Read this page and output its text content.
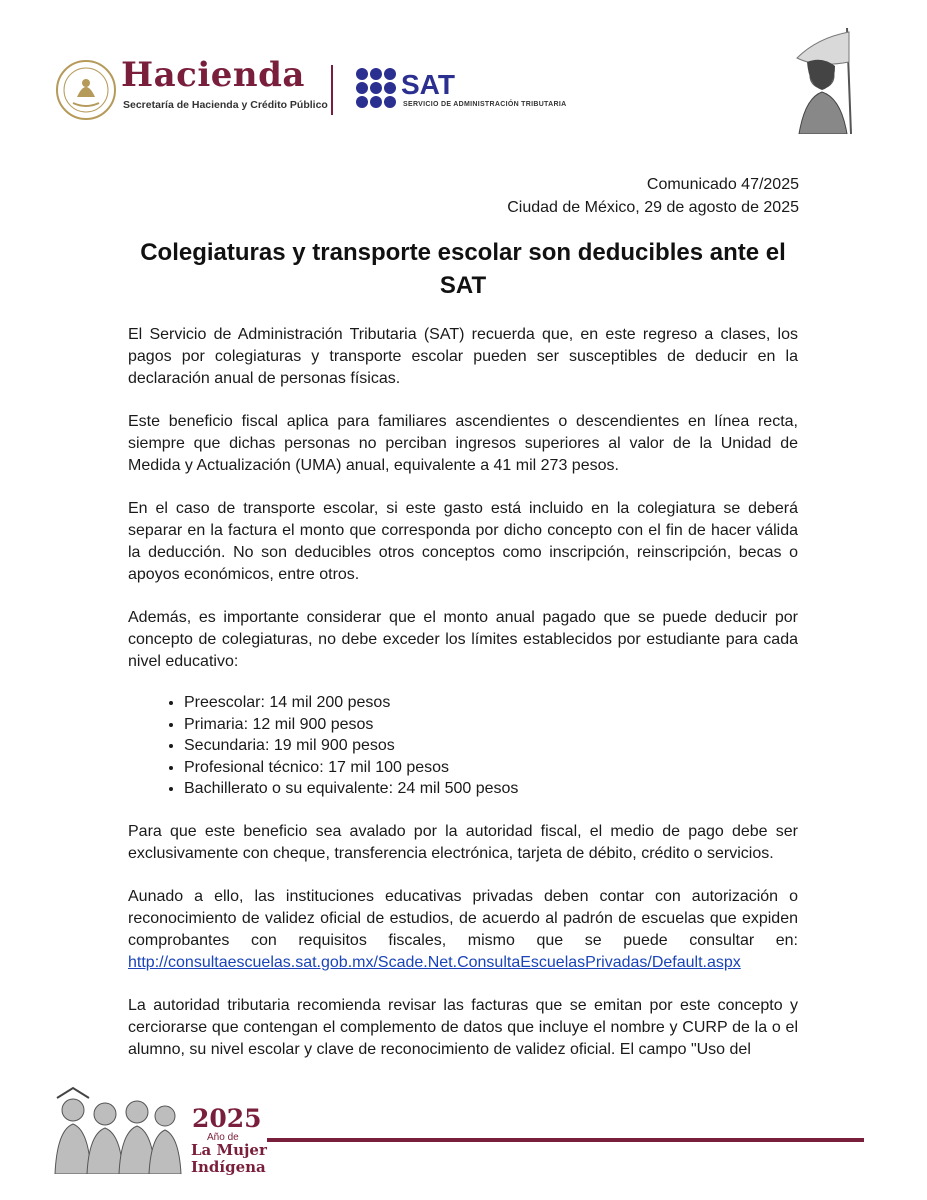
Hacienda
Secretaría de Hacienda y Crédito Público
SAT
SERVICIO DE ADMINISTRACIÓN TRIBUTARIA
Comunicado 47/2025
Ciudad de México, 29 de agosto de 2025
Colegiaturas y transporte escolar son deducibles ante el SAT

El Servicio de Administración Tributaria (SAT) recuerda que, en este regreso a clases, los pagos por colegiaturas y transporte escolar pueden ser susceptibles de deducir en la declaración anual de personas físicas.

Este beneficio fiscal aplica para familiares ascendientes o descendientes en línea recta, siempre que dichas personas no perciban ingresos superiores al valor de la Unidad de Medida y Actualización (UMA) anual, equivalente a 41 mil 273 pesos.

En el caso de transporte escolar, si este gasto está incluido en la colegiatura se deberá separar en la factura el monto que corresponda por dicho concepto con el fin de hacer válida la deducción. No son deducibles otros conceptos como inscripción, reinscripción, becas o apoyos económicos, entre otros.

Además, es importante considerar que el monto anual pagado que se puede deducir por concepto de colegiaturas, no debe exceder los límites establecidos por estudiante para cada nivel educativo:

• Preescolar: 14 mil 200 pesos
• Primaria: 12 mil 900 pesos
• Secundaria: 19 mil 900 pesos
• Profesional técnico: 17 mil 100 pesos
• Bachillerato o su equivalente: 24 mil 500 pesos

Para que este beneficio sea avalado por la autoridad fiscal, el medio de pago debe ser exclusivamente con cheque, transferencia electrónica, tarjeta de débito, crédito o servicios.

Aunado a ello, las instituciones educativas privadas deben contar con autorización o reconocimiento de validez oficial de estudios, de acuerdo al padrón de escuelas que expiden comprobantes con requisitos fiscales, mismo que se puede consultar en: http://consultaescuelas.sat.gob.mx/Scade.Net.ConsultaEscuelasPrivadas/Default.aspx

La autoridad tributaria recomienda revisar las facturas que se emitan por este concepto y cerciorarse que contengan el complemento de datos que incluye el nombre y CURP de la o el alumno, su nivel escolar y clave de reconocimiento de validez oficial. El campo "Uso del

2025
Año de
La Mujer
Indígena
